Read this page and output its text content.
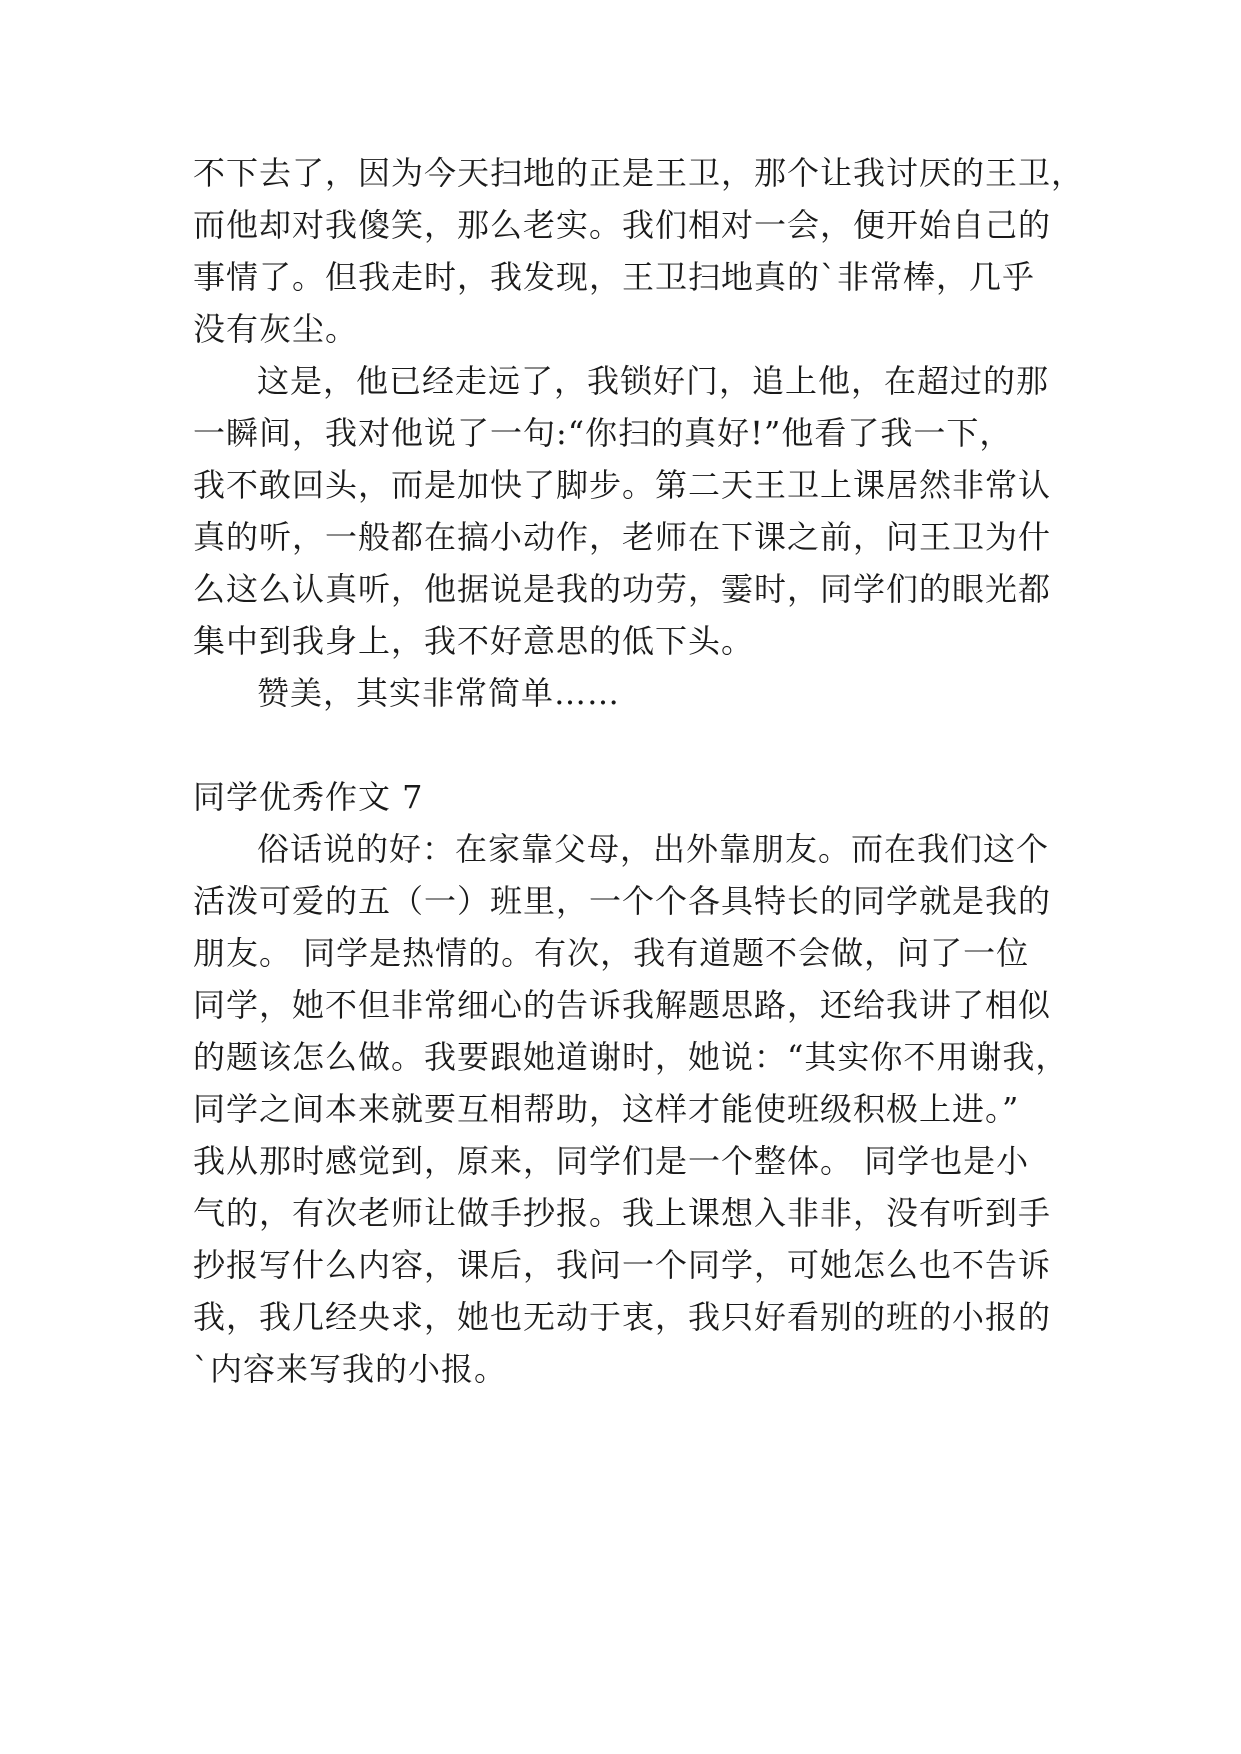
不下去了，因为今天扫地的正是王卫，那个让我讨厌的王卫，
而他却对我傻笑，那么老实。我们相对一会，便开始自己的
事情了。但我走时，我发现，王卫扫地真的`非常棒，几乎
没有灰尘。
这是，他已经走远了，我锁好门，追上他，在超过的那
一瞬间，我对他说了一句:“你扫的真好!”他看了我一下，
我不敢回头，而是加快了脚步。第二天王卫上课居然非常认
真的听，一般都在搞小动作，老师在下课之前，问王卫为什
么这么认真听，他据说是我的功劳，霎时，同学们的眼光都
集中到我身上，我不好意思的低下头。
赞美，其实非常简单……
同学优秀作文 7
俗话说的好：在家靠父母，出外靠朋友。而在我们这个
活泼可爱的五（一）班里，一个个各具特长的同学就是我的
朋友。 同学是热情的。有次，我有道题不会做，问了一位
同学，她不但非常细心的告诉我解题思路，还给我讲了相似
的题该怎么做。我要跟她道谢时，她说：“其实你不用谢我，
同学之间本来就要互相帮助，这样才能使班级积极上进。”
我从那时感觉到，原来，同学们是一个整体。 同学也是小
气的，有次老师让做手抄报。我上课想入非非，没有听到手
抄报写什么内容，课后，我问一个同学，可她怎么也不告诉
我，我几经央求，她也无动于衷，我只好看别的班的小报的
`内容来写我的小报。
